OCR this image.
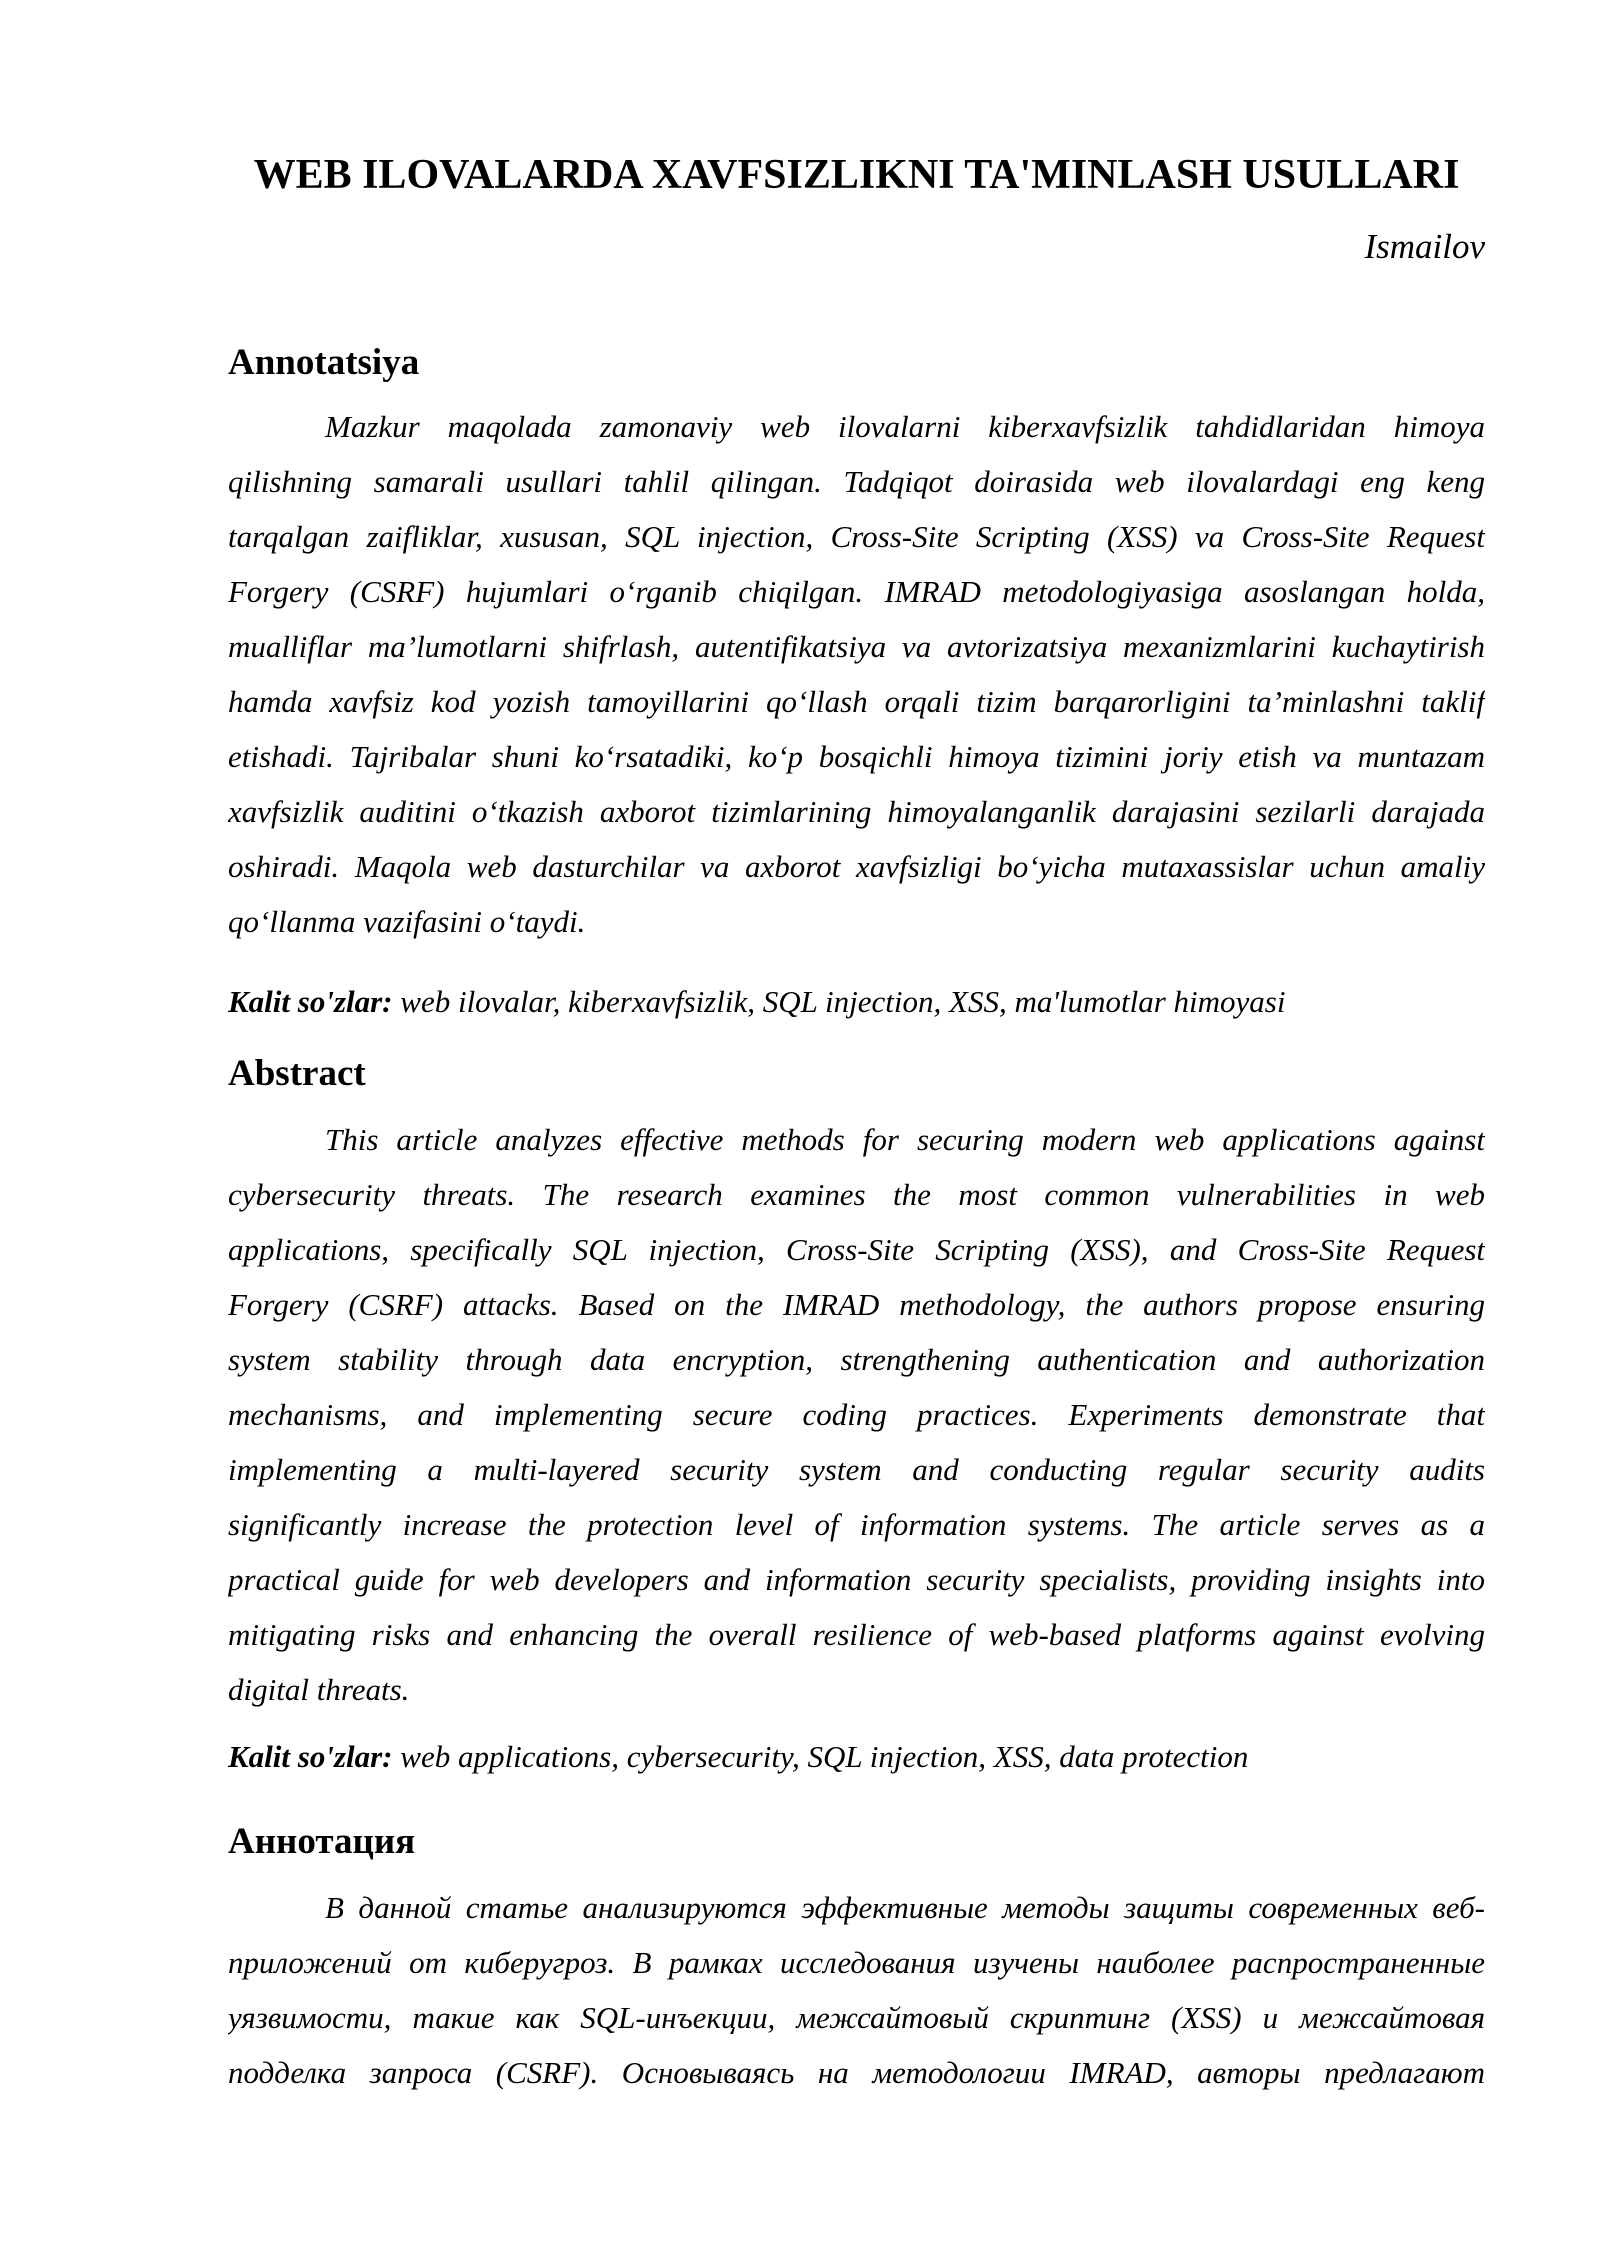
WEB ILOVALARDA XAVFSIZLIKNI TA'MINLASH USULLARI
Ismailov
Annotatsiya
Mazkur maqolada zamonaviy web ilovalarni kiberxavfsizlik tahdidlaridan himoya
qilishning samarali usullari tahlil qilingan. Tadqiqot doirasida web ilovalardagi eng keng
tarqalgan zaifliklar, xususan, SQL injection, Cross-Site Scripting (XSS) va Cross-Site Request
Forgery (CSRF) hujumlari o‘rganib chiqilgan. IMRAD metodologiyasiga asoslangan holda,
mualliflar ma’lumotlarni shifrlash, autentifikatsiya va avtorizatsiya mexanizmlarini kuchaytirish
hamda xavfsiz kod yozish tamoyillarini qo‘llash orqali tizim barqarorligini ta’minlashni taklif
etishadi. Tajribalar shuni ko‘rsatadiki, ko‘p bosqichli himoya tizimini joriy etish va muntazam
xavfsizlik auditini o‘tkazish axborot tizimlarining himoyalanganlik darajasini sezilarli darajada
oshiradi. Maqola web dasturchilar va axborot xavfsizligi bo‘yicha mutaxassislar uchun amaliy
qo‘llanma vazifasini o‘taydi.
Kalit so'zlar: web ilovalar, kiberxavfsizlik, SQL injection, XSS, ma'lumotlar himoyasi
Abstract
This article analyzes effective methods for securing modern web applications against
cybersecurity threats. The research examines the most common vulnerabilities in web
applications, specifically SQL injection, Cross-Site Scripting (XSS), and Cross-Site Request
Forgery (CSRF) attacks. Based on the IMRAD methodology, the authors propose ensuring
system stability through data encryption, strengthening authentication and authorization
mechanisms, and implementing secure coding practices. Experiments demonstrate that
implementing a multi-layered security system and conducting regular security audits
significantly increase the protection level of information systems. The article serves as a
practical guide for web developers and information security specialists, providing insights into
mitigating risks and enhancing the overall resilience of web-based platforms against evolving
digital threats.
Kalit so'zlar: web applications, cybersecurity, SQL injection, XSS, data protection
Аннотация
В данной статье анализируются эффективные методы защиты современных веб-
приложений от киберугроз. В рамках исследования изучены наиболее распространенные
уязвимости, такие как SQL-инъекции, межсайтовый скриптинг (XSS) и межсайтовая
подделка запроса (CSRF). Основываясь на методологии IMRAD, авторы предлагают
